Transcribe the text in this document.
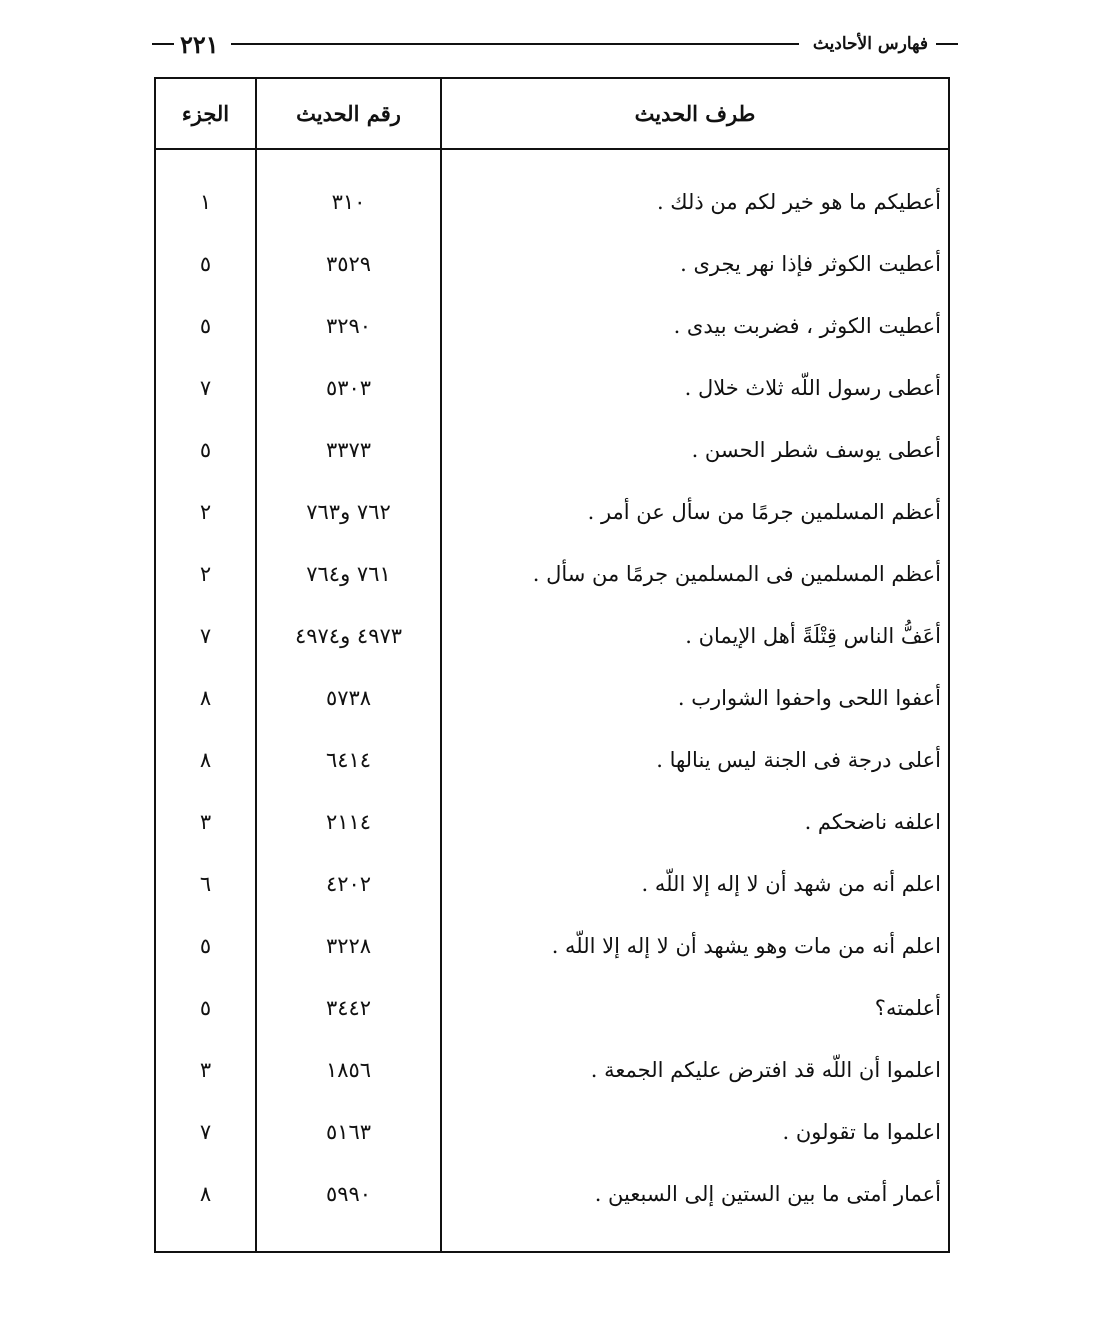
فهارس الأحاديث
٢٢١
الجزء	رقم الحديث	طرف الحديث
١	٣١٠	أعطيكم ما هو خير لكم من ذلك .
٥	٣٥٢٩	أعطيت الكوثر فإذا نهر يجرى .
٥	٣٢٩٠	أعطيت الكوثر ، فضربت بيدى .
٧	٥٣٠٣	أعطى رسول اللّه ثلاث خلال .
٥	٣٣٧٣	أعطى يوسف شطر الحسن .
٢	٧٦٢ و٧٦٣	أعظم المسلمين جرمًا من سأل عن أمر .
٢	٧٦١ و٧٦٤	أعظم المسلمين فى المسلمين جرمًا من سأل .
٧	٤٩٧٣ و٤٩٧٤	أعَفُّ الناس قِتْلَةً أهل الإيمان .
٨	٥٧٣٨	أعفوا اللحى واحفوا الشوارب .
٨	٦٤١٤	أعلى درجة فى الجنة ليس ينالها .
٣	٢١١٤	اعلفه ناضحكم .
٦	٤٢٠٢	اعلم أنه من شهد أن لا إله إلا اللّه .
٥	٣٢٢٨	اعلم أنه من مات وهو يشهد أن لا إله إلا اللّه .
٥	٣٤٤٢	أعلمته؟
٣	١٨٥٦	اعلموا أن اللّه قد افترض عليكم الجمعة .
٧	٥١٦٣	اعلموا ما تقولون .
٨	٥٩٩٠	أعمار أمتى ما بين الستين إلى السبعين .
